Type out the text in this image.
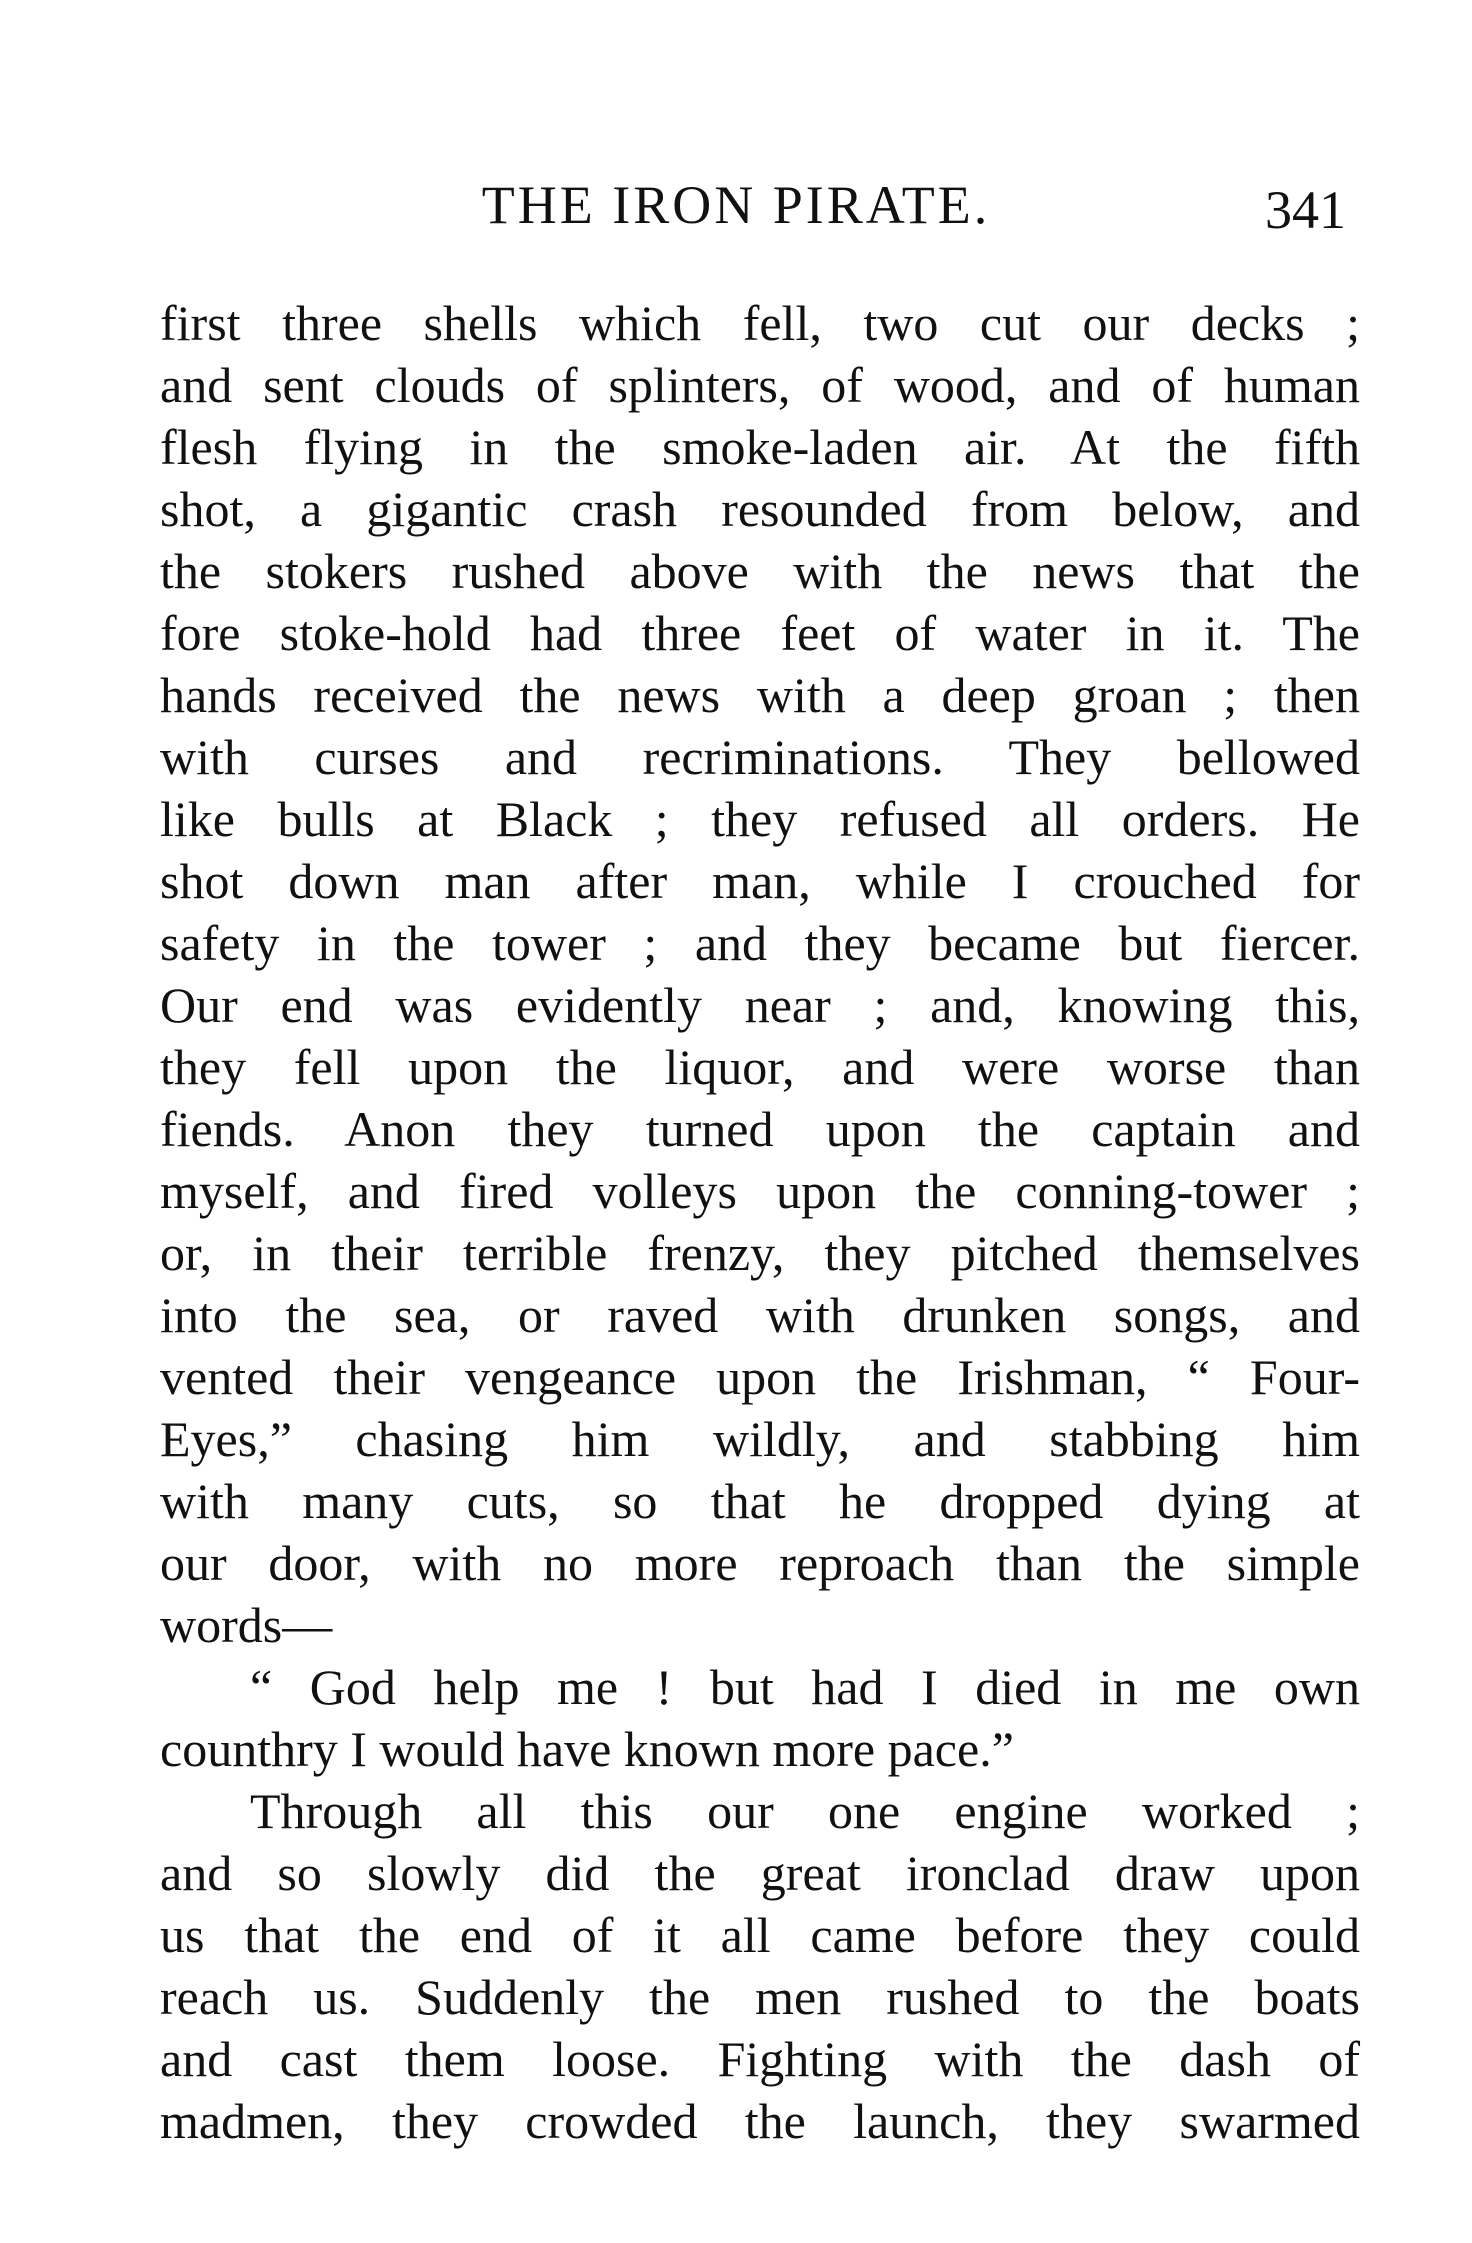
THE IRON PIRATE.	341
first three shells which fell, two cut our decks ;
and sent clouds of splinters, of wood, and of human
flesh flying in the smoke-laden air. At the fifth
shot, a gigantic crash resounded from below, and
the stokers rushed above with the news that the
fore stoke-hold had three feet of water in it. The
hands received the news with a deep groan ; then
with curses and recriminations. They bellowed
like bulls at Black ; they refused all orders. He
shot down man after man, while I crouched for
safety in the tower ; and they became but fiercer.
Our end was evidently near ; and, knowing this,
they fell upon the liquor, and were worse than
fiends. Anon they turned upon the captain and
myself, and fired volleys upon the conning-tower ;
or, in their terrible frenzy, they pitched themselves
into the sea, or raved with drunken songs, and
vented their vengeance upon the Irishman, “ Four-
Eyes,” chasing him wildly, and stabbing him
with many cuts, so that he dropped dying at
our door, with no more reproach than the simple
words—
“ God help me ! but had I died in me own
counthry I would have known more pace.”
Through all this our one engine worked ;
and so slowly did the great ironclad draw upon
us that the end of it all came before they could
reach us. Suddenly the men rushed to the boats
and cast them loose. Fighting with the dash of
madmen, they crowded the launch, they swarmed
